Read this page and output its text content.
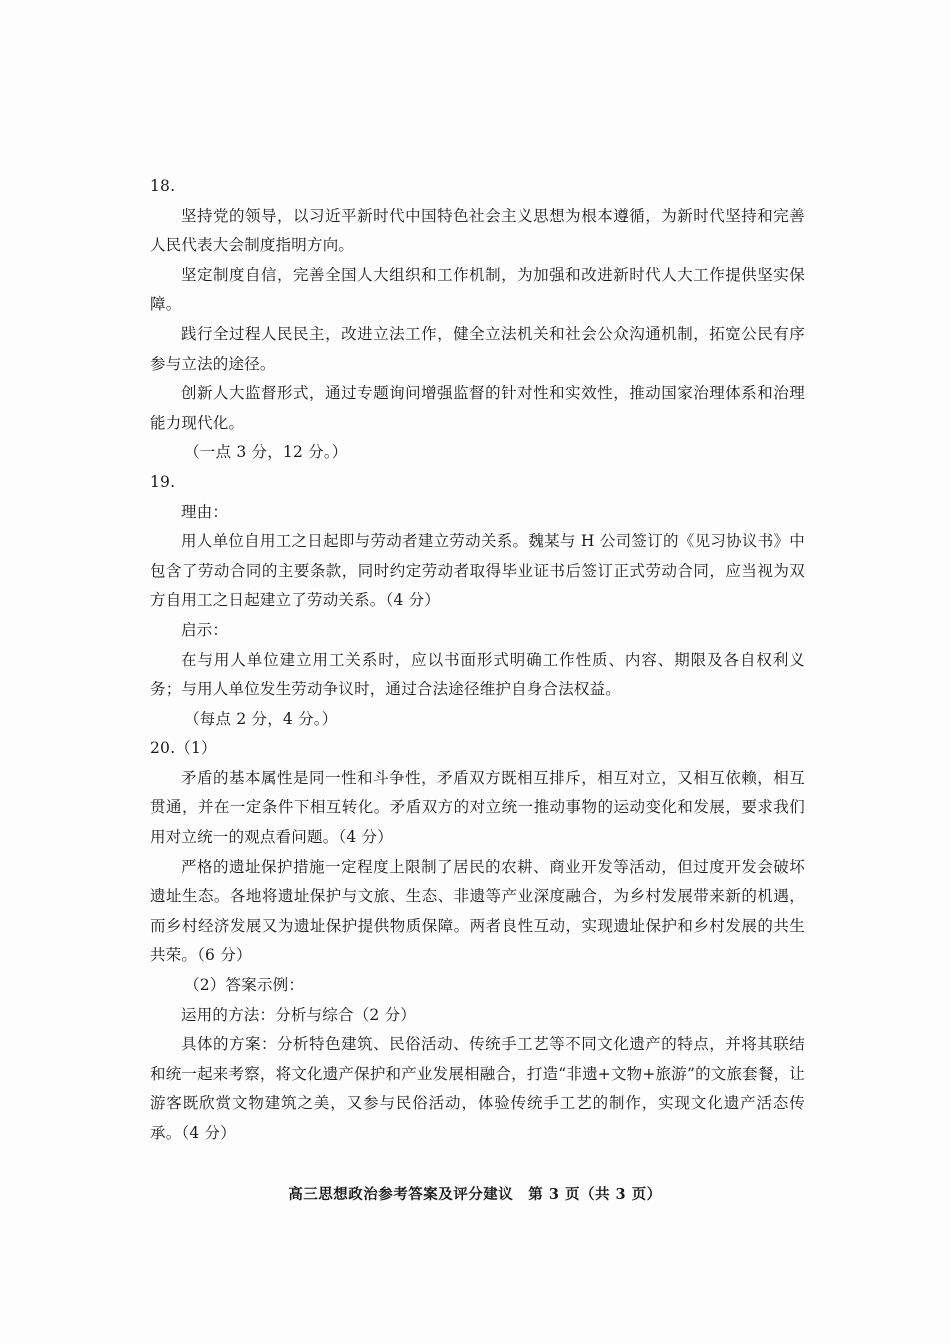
18.

坚持党的领导，以习近平新时代中国特色社会主义思想为根本遵循，为新时代坚持和完善人民代表大会制度指明方向。

坚定制度自信，完善全国人大组织和工作机制，为加强和改进新时代人大工作提供坚实保障。

践行全过程人民民主，改进立法工作，健全立法机关和社会公众沟通机制，拓宽公民有序参与立法的途径。

创新人大监督形式，通过专题询问增强监督的针对性和实效性，推动国家治理体系和治理能力现代化。

（一点 3 分，12 分。）
19.
理由：

用人单位自用工之日起即与劳动者建立劳动关系。魏某与 H 公司签订的《见习协议书》中包含了劳动合同的主要条款，同时约定劳动者取得毕业证书后签订正式劳动合同，应当视为双方自用工之日起建立了劳动关系。（4 分）

启示：

在与用人单位建立用工关系时，应以书面形式明确工作性质、内容、期限及各自权利义务；与用人单位发生劳动争议时，通过合法途径维护自身合法权益。

（每点 2 分，4 分。）
20.（1）

矛盾的基本属性是同一性和斗争性，矛盾双方既相互排斥，相互对立，又相互依赖，相互贯通，并在一定条件下相互转化。矛盾双方的对立统一推动事物的运动变化和发展，要求我们用对立统一的观点看问题。（4 分）

严格的遗址保护措施一定程度上限制了居民的农耕、商业开发等活动，但过度开发会破坏遗址生态。各地将遗址保护与文旅、生态、非遗等产业深度融合，为乡村发展带来新的机遇，而乡村经济发展又为遗址保护提供物质保障。两者良性互动，实现遗址保护和乡村发展的共生共荣。（6 分）

（2）答案示例：
运用的方法：分析与综合（2 分）

具体的方案：分析特色建筑、民俗活动、传统手工艺等不同文化遗产的特点，并将其联结和统一起来考察，将文化遗产保护和产业发展相融合，打造“非遗+文物+旅游”的文旅套餐，让游客既欣赏文物建筑之美，又参与民俗活动，体验传统手工艺的制作，实现文化遗产活态传承。（4 分）

高三思想政治参考答案及评分建议　第 3 页（共 3 页）
